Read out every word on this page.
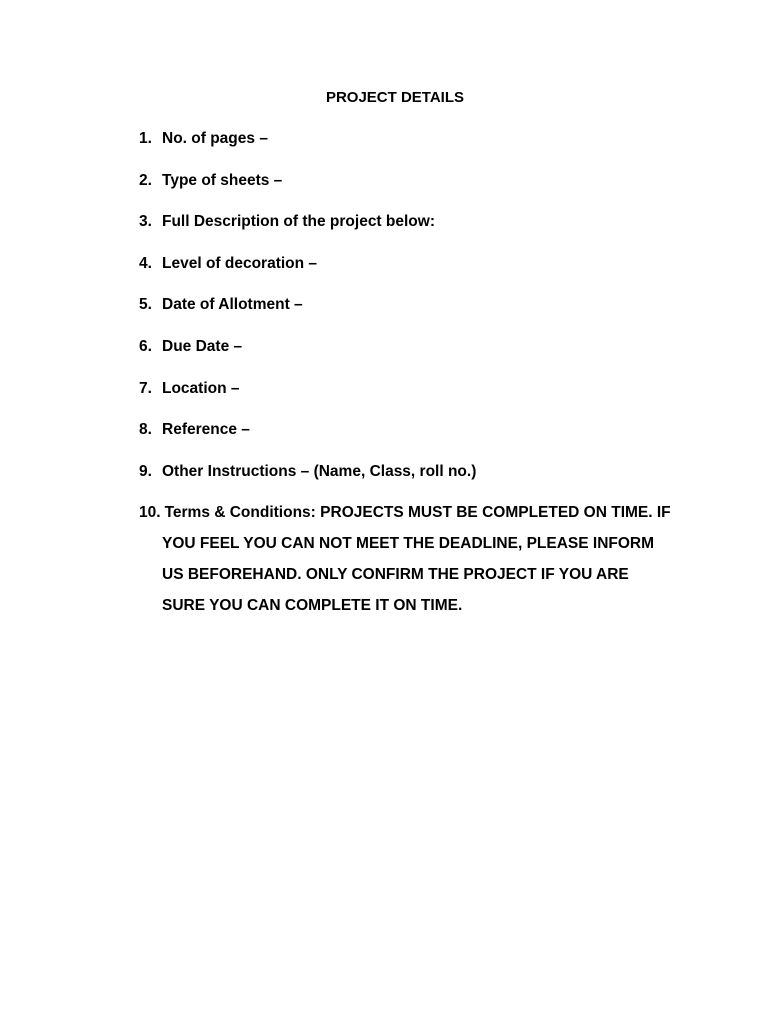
PROJECT DETAILS
1. No. of pages –
2. Type of sheets –
3. Full Description of the project below:
4. Level of decoration –
5. Date of Allotment –
6. Due Date –
7. Location –
8. Reference –
9. Other Instructions – (Name, Class, roll no.)
10. Terms & Conditions: PROJECTS MUST BE COMPLETED ON TIME. IF YOU FEEL YOU CAN NOT MEET THE DEADLINE, PLEASE INFORM US BEFOREHAND. ONLY CONFIRM THE PROJECT IF YOU ARE SURE YOU CAN COMPLETE IT ON TIME.
